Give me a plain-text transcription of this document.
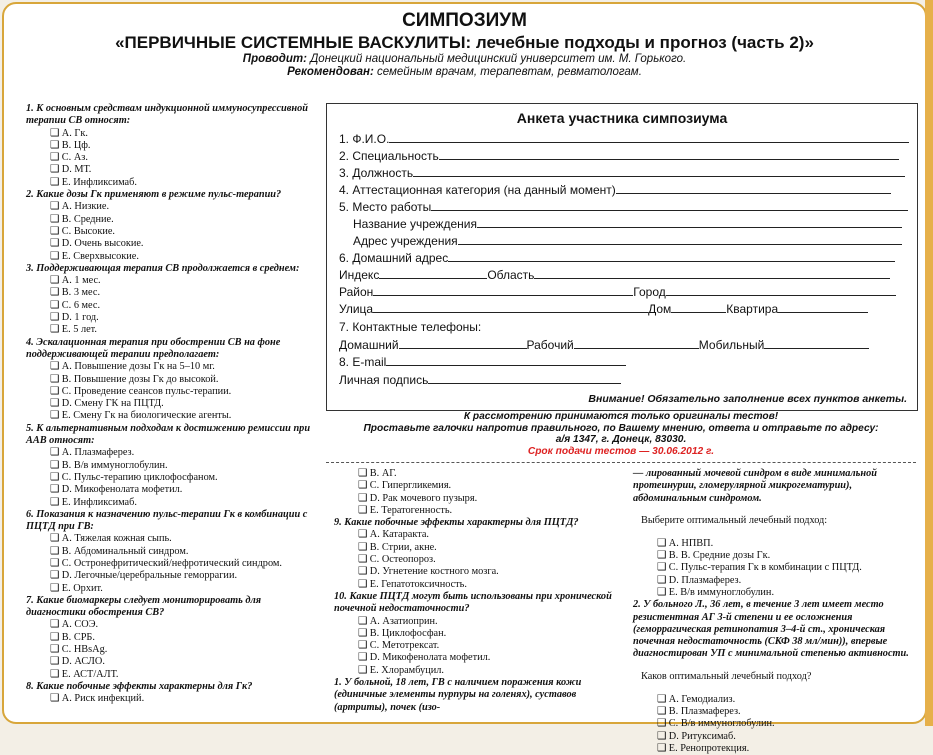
СИМПОЗИУМ
«ПЕРВИЧНЫЕ СИСТЕМНЫЕ ВАСКУЛИТЫ: лечебные подходы и прогноз (часть 2)»
Проводит: Донецкий национальный медицинский университет им. М. Горького.
Рекомендован: семейным врачам, терапевтам, ревматологам.

1. К основным средствам индукционной иммуносупрессивной терапии СВ относят:

❑ А. Гк.

❑ B. Цф.

❑ C. Аз.

❑ D. МТ.

❑ E. Инфликсимаб.

2. Какие дозы Гк применяют в режиме пульс-терапии?

❑ А. Низкие.

❑ B. Средние.

❑ C. Высокие.

❑ D. Очень высокие.

❑ E. Сверхвысокие.

3. Поддерживающая терапия СВ продолжается в среднем:

❑ А. 1 мес.

❑ B. 3 мес.

❑ C. 6 мес.

❑ D. 1 год.

❑ E. 5 лет.

4. Эскалационная терапия при обострении СВ на фоне поддерживающей терапии предполагает:

❑ А. Повышение дозы Гк на 5–10 мг.

❑ B. Повышение дозы Гк до высокой.

❑ C. Проведение сеансов пульс-терапии.

❑ D. Смену ГК на ПЦТД.

❑ E. Смену Гк на биологические агенты.

5. К альтернативным подходам к достижению ремиссии при ААВ относят:

❑ А. Плазмаферез.

❑ B. В/в иммуноглобулин.

❑ C. Пульс-терапию циклофосфаном.

❑ D. Микофенолата мофетил.

❑ E. Инфликсимаб.

6. Показания к назначению пульс-терапии Гк в комбинации с ПЦТД при ГВ:

❑ А. Тяжелая кожная сыпь.

❑ B. Абдоминальный синдром.

❑ C. Остронефритический/нефротический синдром.

❑ D. Легочные/церебральные геморрагии.

❑ E. Орхит.

7. Какие биомаркеры следует мониторировать для диагностики обострения СВ?

❑ А. СОЭ.

❑ B. СРБ.

❑ C. HBsAg.

❑ D. АСЛО.

❑ E. АСТ/АЛТ.

8. Какие побочные эффекты характерны для Гк?

❑ А. Риск инфекций.

Анкета участника симпозиума
1. Ф.И.О.
2. Специальность
3. Должность
4. Аттестационная категория (на данный момент)
5. Место работы
Название учреждения
Адрес учреждения
6. Домашний адрес
Индекс	Область
Район	Город
Улица	Дом	Квартира
7. Контактные телефоны:
Домашний	Рабочий	Мобильный
8. E-mail
Личная подпись
Внимание! Обязательно заполнение всех пунктов анкеты.
К рассмотрению принимаются только оригиналы тестов!
Проставьте галочки напротив правильного, по Вашему мнению, ответа и отправьте по адресу:
а/я 1347, г. Донецк, 83030.
Срок подачи тестов — 30.06.2012 г.

❑ B. АГ.

❑ C. Гипергликемия.

❑ D. Рак мочевого пузыря.

❑ E. Тератогенность.

9. Какие побочные эффекты характерны для ПЦТД?

❑ А. Катаракта.

❑ B. Стрии, акне.

❑ C. Остеопороз.

❑ D. Угнетение костного мозга.

❑ E. Гепатотоксичность.

10. Какие ПЦТД могут быть использованы при хронической почечной недостаточности?

❑ А. Азатиоприн.

❑ B. Циклофосфан.

❑ C. Метотрексат.

❑ D. Микофенолата мофетил.

❑ E. Хлорамбуцил.

1. У больной, 18 лет, ГВ с наличием поражения кожи (единичные элементы пурпуры на голенях), суставов (артриты), почек (изо-

— лированный мочевой синдром в виде минимальной протеинурии, гломерулярной микрогематурии), абдоминальным синдромом.

Выберите оптимальный лечебный подход:

❑ А. НПВП.

❑ B. В. Средние дозы Гк.

❑ C. Пульс-терапия Гк в комбинации с ПЦТД.

❑ D. Плазмаферез.

❑ E. В/в иммуноглобулин.

2. У больного Л., 36 лет, в течение 3 лет имеет место резистентная АГ 3-й степени и ее осложнения (геморрагическая ретинопатия 3–4-й ст., хроническая почечная недостаточность (СКФ 38 мл/мин)), впервые диагностирован УП с минимальной степенью активности.

Каков оптимальный лечебный подход?

❑ А. Гемодиализ.

❑ B. Плазмаферез.

❑ C. В/в иммуноглобулин.

❑ D. Ритуксимаб.

❑ E. Ренопротекция.
